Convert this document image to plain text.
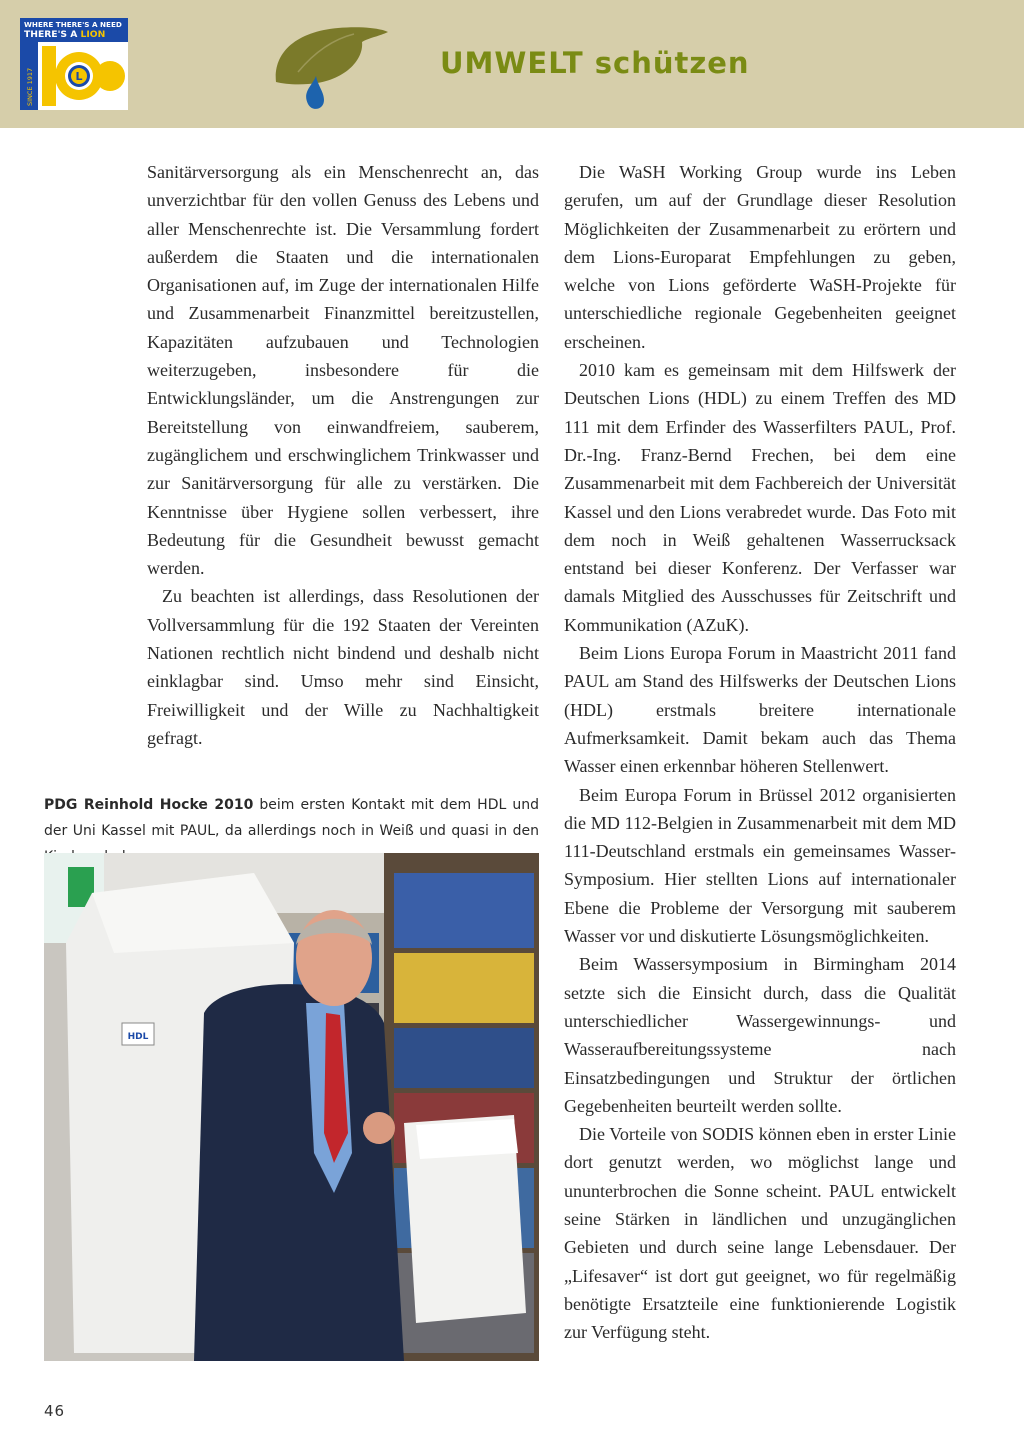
WHERE THERE'S A NEED
THERE'S A LION
L
SINCE 1917
UMWELT schützen

Sanitärversorgung als ein Menschenrecht an, das unverzichtbar für den vollen Genuss des Lebens und aller Menschenrechte ist. Die Versammlung fordert außerdem die Staaten und die internationalen Organisationen auf, im Zuge der internationalen Hilfe und Zusammenarbeit Finanzmittel bereitzustellen, Kapazitäten aufzubauen und Technologien weiterzugeben, insbesondere für die Entwicklungsländer, um die Anstrengungen zur Bereitstellung von einwandfreiem, sauberem, zugänglichem und erschwinglichem Trinkwasser und zur Sanitärversorgung für alle zu verstärken. Die Kenntnisse über Hygiene sollen verbessert, ihre Bedeutung für die Gesundheit bewusst gemacht werden.

Zu beachten ist allerdings, dass Resolutionen der Vollversammlung für die 192 Staaten der Vereinten Nationen rechtlich nicht bindend und deshalb nicht einklagbar sind. Umso mehr sind Einsicht, Freiwilligkeit und der Wille zu Nachhaltigkeit gefragt.

PDG Reinhold Hocke 2010 beim ersten Kontakt mit dem HDL und der Uni Kassel mit PAUL, da allerdings noch in Weiß und quasi in den
HDL

Die WaSH Working Group wurde ins Leben gerufen, um auf der Grundlage dieser Resolution Möglichkeiten der Zusammenarbeit zu erörtern und dem Lions-Europarat Empfehlungen zu geben, welche von Lions geförderte WaSH-Projekte für unterschiedliche regionale Gegebenheiten geeignet erscheinen.

2010 kam es gemeinsam mit dem Hilfswerk der Deutschen Lions (HDL) zu einem Treffen des MD 111 mit dem Erfinder des Wasserfilters PAUL, Prof. Dr.-Ing. Franz-Bernd Frechen, bei dem eine Zusammenarbeit mit dem Fachbereich der Universität Kassel und den Lions verabredet wurde. Das Foto mit dem noch in Weiß gehaltenen Wasserrucksack entstand bei dieser Konferenz. Der Verfasser war damals Mitglied des Ausschusses für Zeitschrift und Kommunikation (AZuK).

Beim Lions Europa Forum in Maastricht 2011 fand PAUL am Stand des Hilfswerks der Deutschen Lions (HDL) erstmals breitere internationale Aufmerksamkeit. Damit bekam auch das Thema Wasser einen erkennbar höheren Stellenwert.

Beim Europa Forum in Brüssel 2012 organisierten die MD 112-Belgien in Zusammenarbeit mit dem MD 111-Deutschland erstmals ein gemeinsames Wasser-Symposium. Hier stellten Lions auf internationaler Ebene die Probleme der Versorgung mit sauberem Wasser vor und diskutierte Lösungsmöglichkeiten.

Beim Wassersymposium in Birmingham 2014 setzte sich die Einsicht durch, dass die Qualität unterschiedlicher Wassergewinnungs- und Wasseraufbereitungssysteme nach Einsatzbedingungen und Struktur der örtlichen Gegebenheiten beurteilt werden sollte.

Die Vorteile von SODIS können eben in erster Linie dort genutzt werden, wo möglichst lange und ununterbrochen die Sonne scheint. PAUL entwickelt seine Stärken in ländlichen und unzugänglichen Gebieten und durch seine lange Lebensdauer. Der „Lifesaver“ ist dort gut geeignet, wo für regelmäßig benötigte Ersatzteile eine funktionierende Logistik zur Verfügung steht.

46
